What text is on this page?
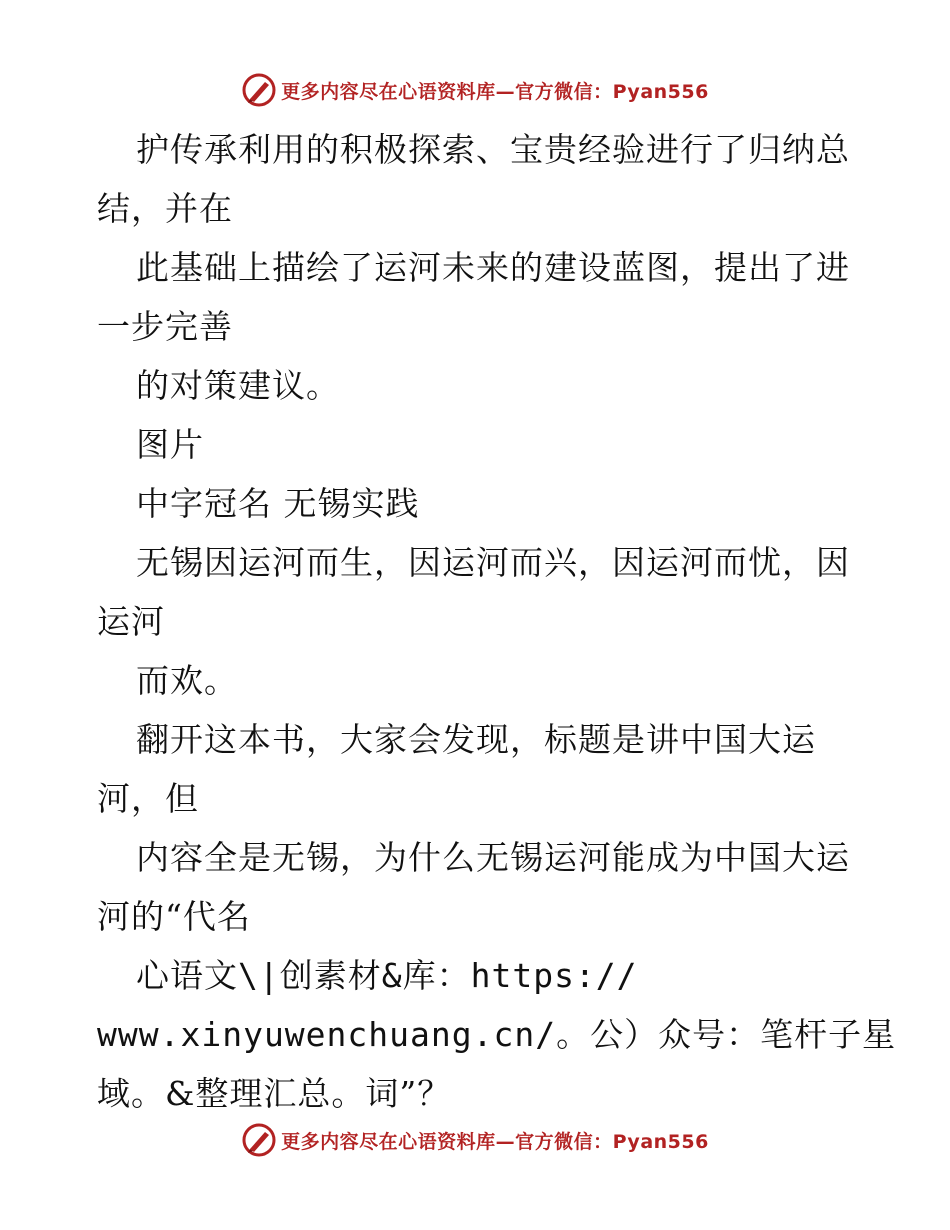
更多内容尽在心语资料库—官方微信：Pyan556
护传承利用的积极探索、宝贵经验进行了归纳总
结，并在
此基础上描绘了运河未来的建设蓝图，提出了进
一步完善
的对策建议。
图片
中字冠名 无锡实践
无锡因运河而生，因运河而兴，因运河而忧，因
运河
而欢。
翻开这本书，大家会发现，标题是讲中国大运
河，但
内容全是无锡，为什么无锡运河能成为中国大运
河的“代名
心语文\|创素材&库：https://
www.xinyuwenchuang.cn/。公）众号：笔杆子星
域。&整理汇总。词”？
更多内容尽在心语资料库—官方微信：Pyan556
